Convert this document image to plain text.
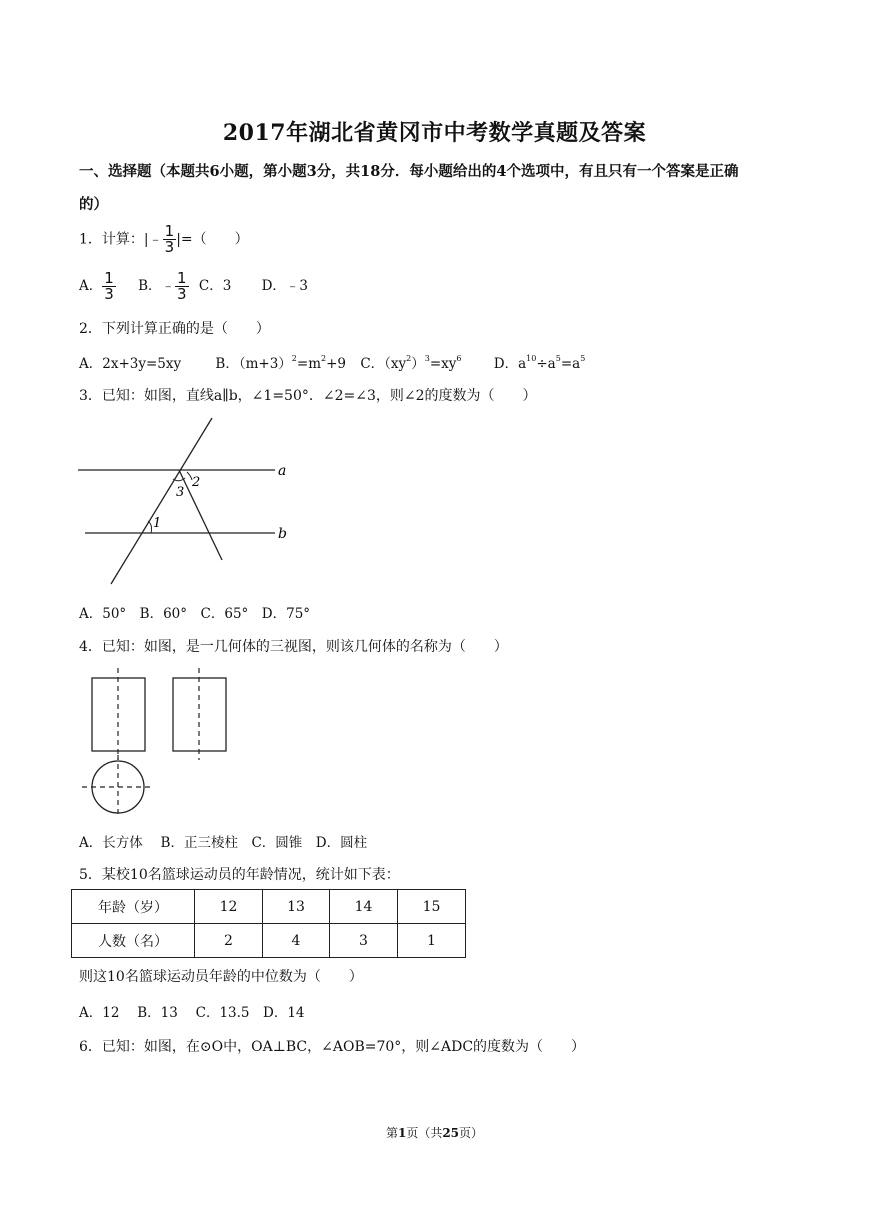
2017年湖北省黄冈市中考数学真题及答案
一、选择题（本题共6小题，第小题3分，共18分．每小题给出的4个选项中，有且只有一个答案是正确
的）
1．计算：|﹣ $\frac{1}{3}$ |=（　　）
A． $\frac{1}{3}$ B．﹣ $\frac{1}{3}$ C．3 D．﹣3
2．下列计算正确的是（　　）
A．2x+3y=5xy	B．$(m+3)^2=m^2+9$ C．$(xy^2)^3=xy^6$ D．$a^{10}\div a^5=a^5$
3．已知：如图，直线a∥b，∠1=50°．∠2=∠3，则∠2的度数为（　　）
a
b
1
2
3
A．50°　B．60°　C．65°　D．75°
4．已知：如图，是一几何体的三视图，则该几何体的名称为（　　）
A．长方体　 B．正三棱柱　C．圆锥　D．圆柱
5．某校10名篮球运动员的年龄情况，统计如下表：
年龄（岁）	12	13	14	15
人数（名）	2	4	3	1
则这10名篮球运动员年龄的中位数为（　　）
A．12　 B．13　 C．13.5　D．14
6．已知：如图，在⊙O中，OA⊥BC，∠AOB=70°，则∠ADC的度数为（　　）
第1页（共25页）
